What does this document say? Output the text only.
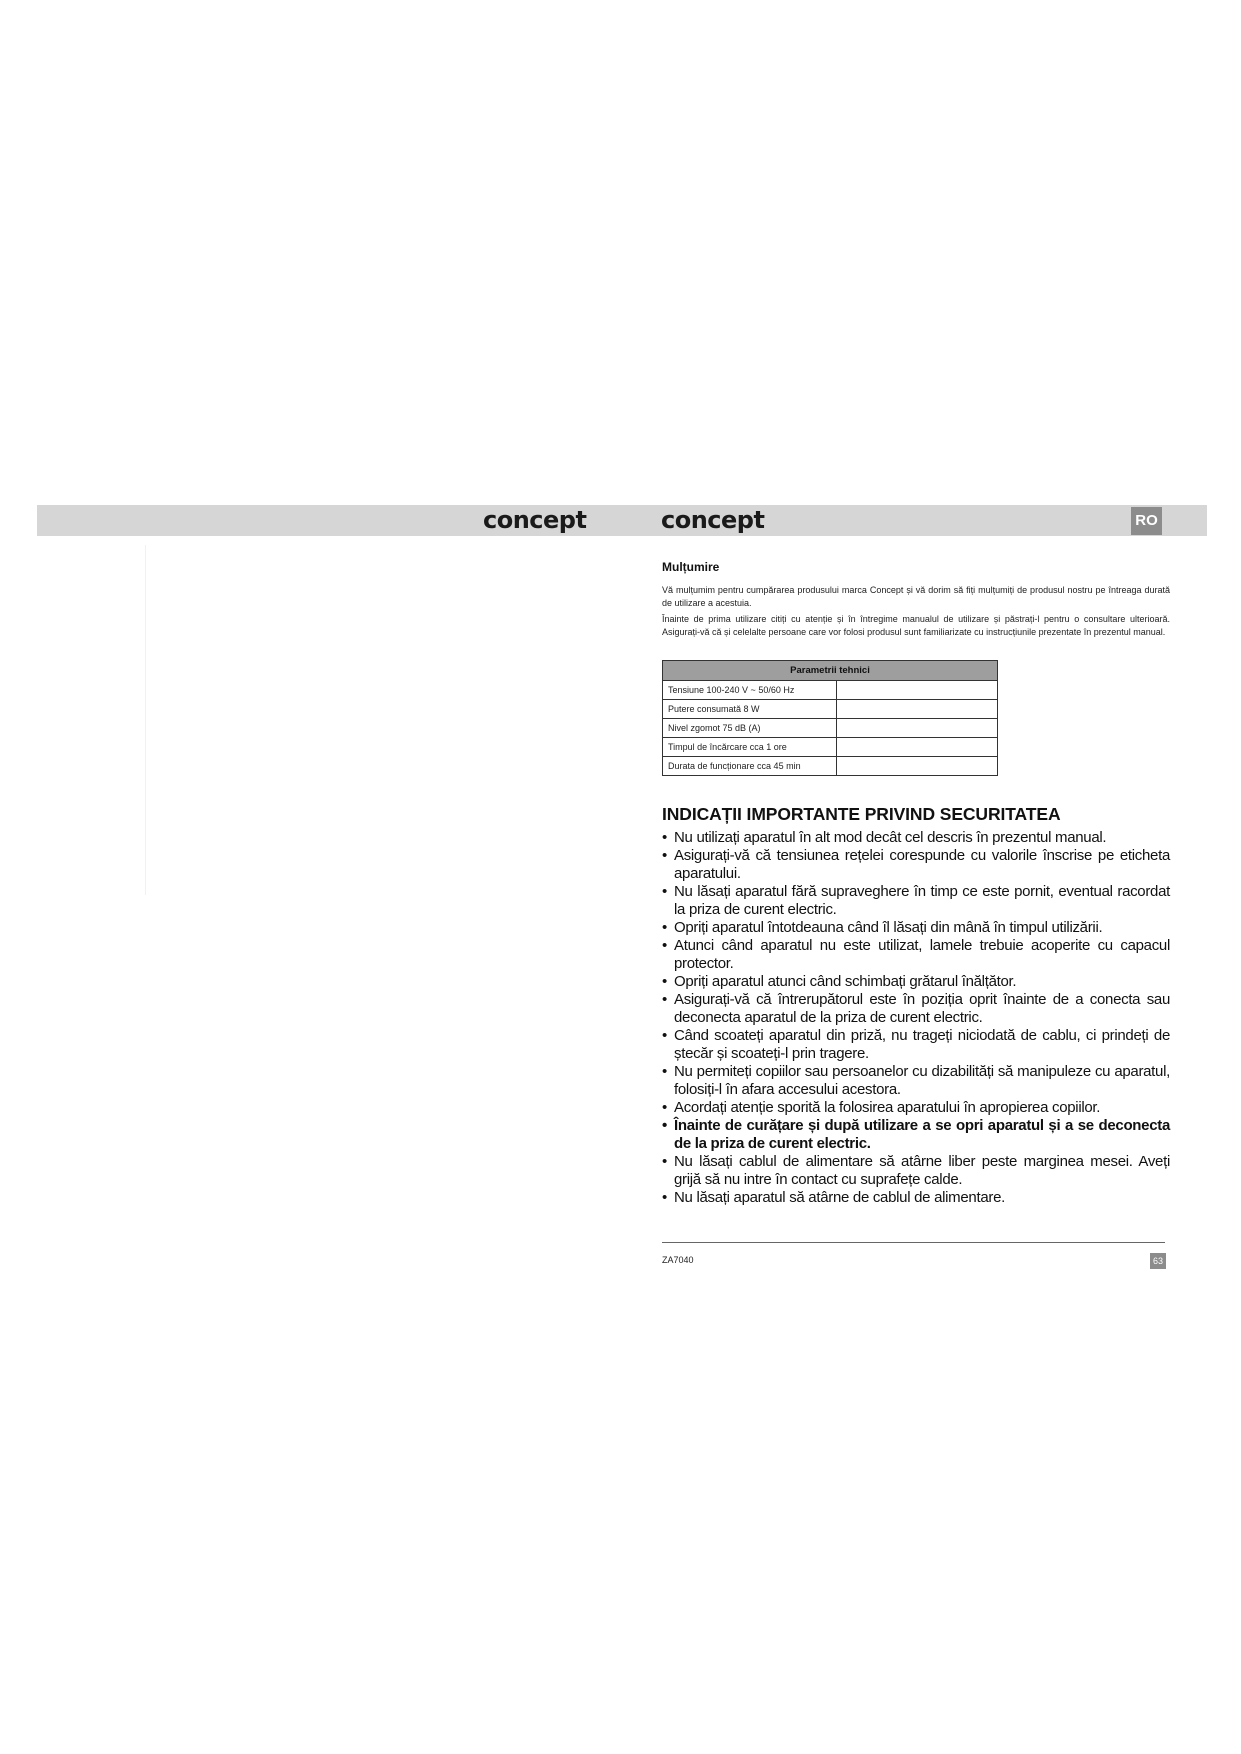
concept	concept	RO
Mulțumire

Vă mulțumim pentru cumpărarea produsului marca Concept și vă dorim să fiți mulțumiți de produsul nostru pe întreaga durată de utilizare a acestuia.

Înainte de prima utilizare citiți cu atenție și în întregime manualul de utilizare și păstrați-l pentru o consultare ulterioară. Asigurați-vă că și celelalte persoane care vor folosi produsul sunt familiarizate cu instrucțiunile prezentate în prezentul manual.

Parametrii tehnici	
Tensiune 100-240 V ~ 50/60 Hz	
Putere consumată 8 W	
Nivel zgomot 75 dB (A)	
Timpul de încărcare cca 1 ore	
Durata de funcționare cca 45 min	
INDICAȚII IMPORTANTE PRIVIND SECURITATEA
• Nu utilizați aparatul în alt mod decât cel descris în prezentul manual.
• Asigurați-vă că tensiunea rețelei corespunde cu valorile înscrise pe eticheta aparatului.
• Nu lăsați aparatul fără supraveghere în timp ce este pornit, eventual racordat la priza de curent electric.
• Opriți aparatul întotdeauna când îl lăsați din mână în timpul utilizării.
• Atunci când aparatul nu este utilizat, lamele trebuie acoperite cu capacul protector.
• Opriți aparatul atunci când schimbați grătarul înălțător.
• Asigurați-vă că întrerupătorul este în poziția oprit înainte de a conecta sau deconecta aparatul de la priza de curent electric.
• Când scoateți aparatul din priză, nu trageți niciodată de cablu, ci prindeți de ștecăr și scoateți-l prin tragere.
• Nu permiteți copiilor sau persoanelor cu dizabilități să manipuleze cu aparatul, folosiți-l în afara accesului acestora.
• Acordați atenție sporită la folosirea aparatului în apropierea copiilor.
• Înainte de curățare și după utilizare a se opri aparatul și a se deconecta de la priza de curent electric.
• Nu lăsați cablul de alimentare să atârne liber peste marginea mesei. Aveți grijă să nu intre în contact cu suprafețe calde.
• Nu lăsați aparatul să atârne de cablul de alimentare.
ZA7040	63
